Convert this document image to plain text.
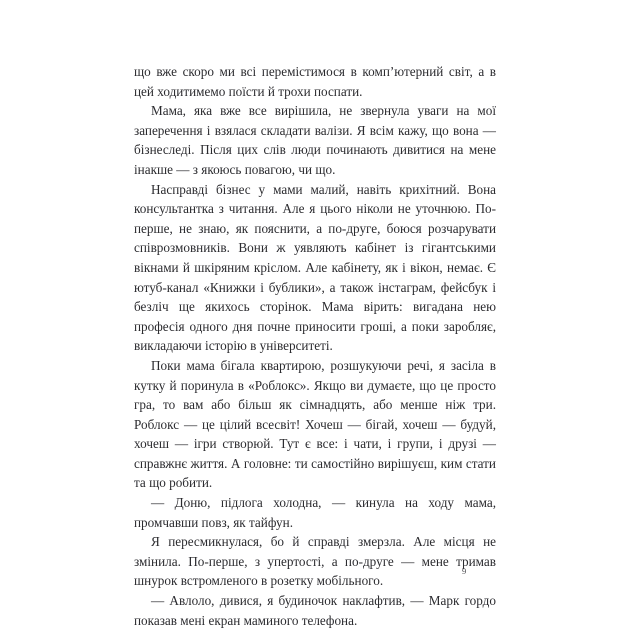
що вже скоро ми всі перемістимося в комп’ютерний світ, а в цей ходитимемо поїсти й трохи поспати.

Мама, яка вже все вирішила, не звернула уваги на мої заперечення і взялася складати валізи. Я всім кажу, що вона — бізнеследі. Після цих слів люди починають дивитися на мене інакше — з якоюсь повагою, чи що.

Насправді бізнес у мами малий, навіть крихітний. Вона консультантка з читання. Але я цього ніколи не уточнюю. По-перше, не знаю, як пояснити, а по-друге, боюся розчарувати співрозмовників. Вони ж уявляють кабінет із гігантськими вікнами й шкіряним кріслом. Але кабінету, як і вікон, немає. Є ютуб-канал «Книжки і бублики», а також інстаграм, фейсбук і безліч ще якихось сторінок. Мама вірить: вигадана нею професія одного дня почне приносити гроші, а поки заробляє, викладаючи історію в університеті.

Поки мама бігала квартирою, розшукуючи речі, я засіла в кутку й поринула в «Роблокс». Якщо ви думаєте, що це просто гра, то вам або більш як сімнадцять, або менше ніж три. Роблокс — це цілий всесвіт! Хочеш — бігай, хочеш — будуй, хочеш — ігри створюй. Тут є все: і чати, і групи, і друзі — справжнє життя. А головне: ти самостійно вирішуєш, ким стати та що робити.

— Доню, підлога холодна, — кинула на ходу мама, промчавши повз, як тайфун.

Я пересмикнулася, бо й справді змерзла. Але місця не змінила. По-перше, з упертості, а по-друге — мене тримав шнурок встромленого в розетку мобільного.

— Авлоло, дивися, я будиночок наклафтив, — Марк гордо показав мені екран маминого телефона.

9
